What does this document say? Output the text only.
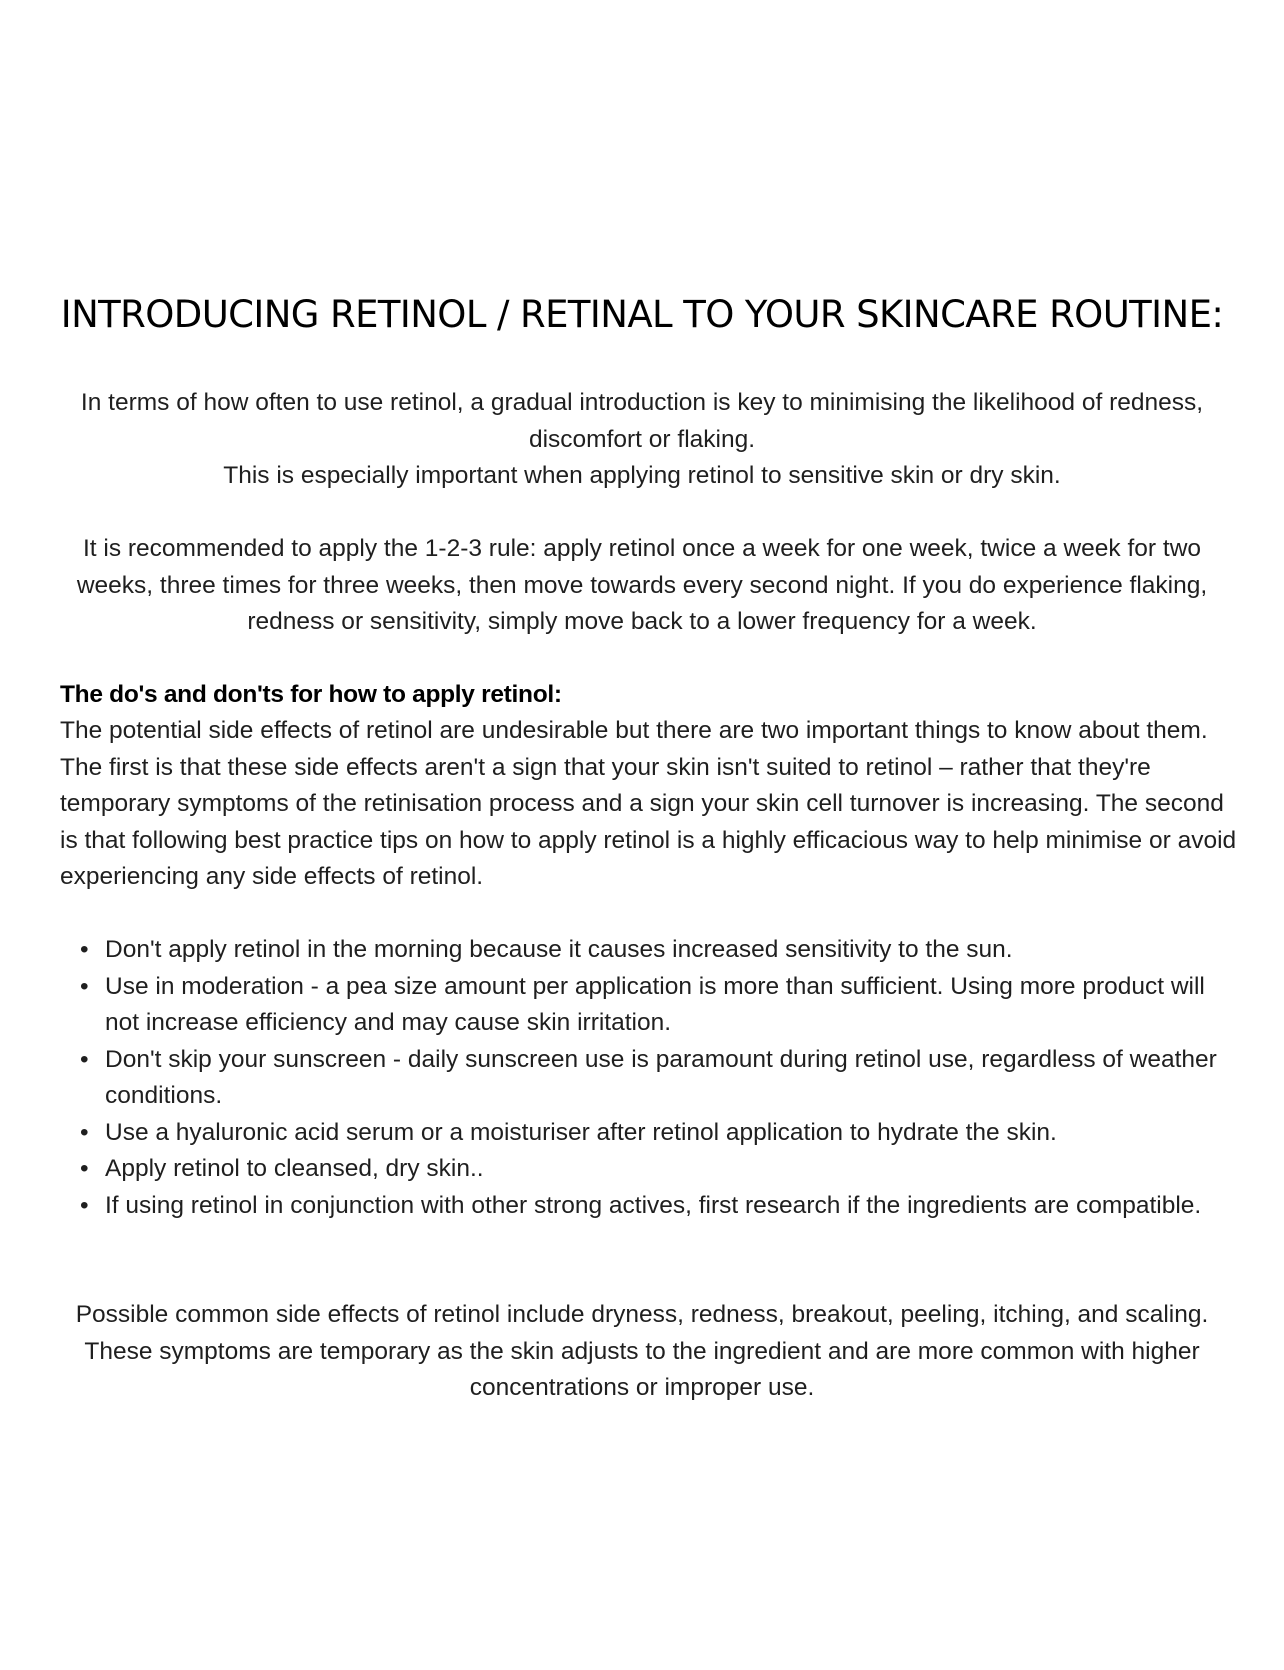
INTRODUCING RETINOL / RETINAL TO YOUR SKINCARE ROUTINE:
In terms of how often to use retinol, a gradual introduction is key to minimising the likelihood of redness, discomfort or flaking.
This is especially important when applying retinol to sensitive skin or dry skin.

It is recommended to apply the 1-2-3 rule: apply retinol once a week for one week, twice a week for two weeks, three times for three weeks, then move towards every second night. If you do experience flaking, redness or sensitivity, simply move back to a lower frequency for a week.

The do's and don'ts for how to apply retinol:

The potential side effects of retinol are undesirable but there are two important things to know about them. The first is that these side effects aren't a sign that your skin isn't suited to retinol – rather that they're temporary symptoms of the retinisation process and a sign your skin cell turnover is increasing. The second is that following best practice tips on how to apply retinol is a highly efficacious way to help minimise or avoid experiencing any side effects of retinol.

• Don't apply retinol in the morning because it causes increased sensitivity to the sun.
• Use in moderation - a pea size amount per application is more than sufficient. Using more product will not increase efficiency and may cause skin irritation.
• Don't skip your sunscreen - daily sunscreen use is paramount during retinol use, regardless of weather conditions.
• Use a hyaluronic acid serum or a moisturiser after retinol application to hydrate the skin.
• Apply retinol to cleansed, dry skin..
• If using retinol in conjunction with other strong actives, first research if the ingredients are compatible.

Possible common side effects of retinol include dryness, redness, breakout, peeling, itching, and scaling. These symptoms are temporary as the skin adjusts to the ingredient and are more common with higher concentrations or improper use.
